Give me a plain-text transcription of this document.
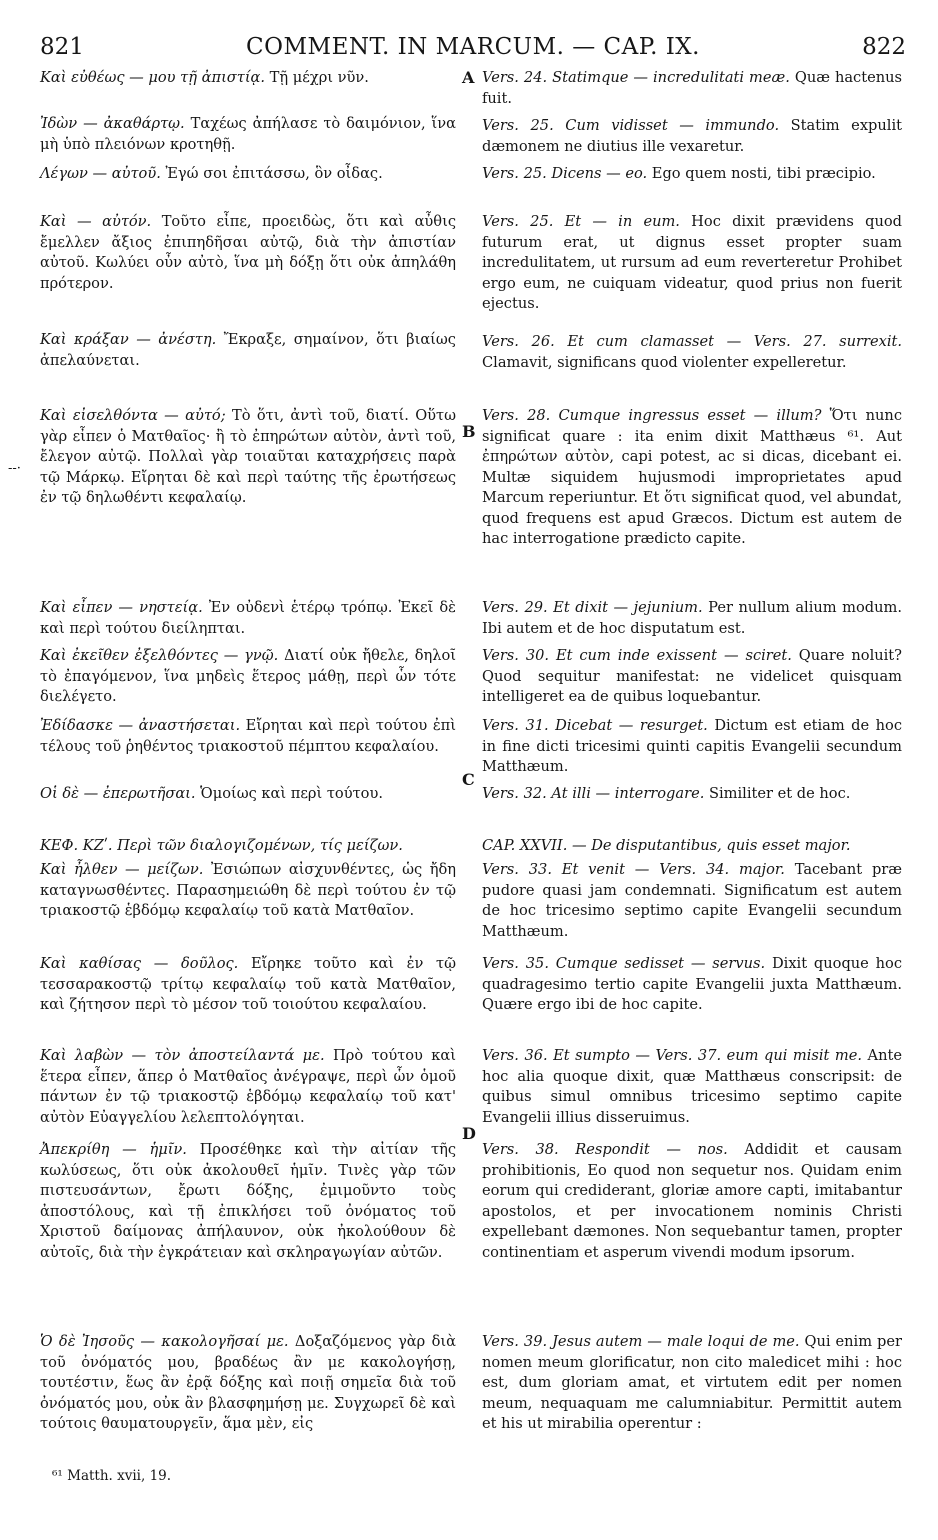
821	COMMENT. IN MARCUM. — CAP. IX.	822
--·

Καὶ εὐθέως — μου τῇ ἀπιστίᾳ. Τῇ μέχρι νῦν.

Ἰδὼν — ἀκαθάρτῳ. Ταχέως ἀπήλασε τὸ δαιμόνιον, ἵνα μὴ ὑπὸ πλειόνων κροτηθῇ.

Λέγων — αὐτοῦ. Ἐγώ σοι ἐπιτάσσω, ὃν οἶδας.

Καὶ — αὐτόν. Τοῦτο εἶπε, προειδὼς, ὅτι καὶ αὖθις ἔμελλεν ἄξιος ἐπιπηδῆσαι αὐτῷ, διὰ τὴν ἀπιστίαν αὐτοῦ. Κωλύει οὖν αὐτὸ, ἵνα μὴ δόξῃ ὅτι οὐκ ἀπηλάθη πρότερον.

Καὶ κράξαν — ἀνέστη. Ἔκραξε, σημαίνον, ὅτι βιαίως ἀπελαύνεται.

Καὶ εἰσελθόντα — αὐτό; Τὸ ὅτι, ἀντὶ τοῦ, διατί. Οὕτω γὰρ εἶπεν ὁ Ματθαῖος· ἢ τὸ ἐπηρώτων αὐτὸν, ἀντὶ τοῦ, ἔλεγον αὐτῷ. Πολλαὶ γὰρ τοιαῦται καταχρήσεις παρὰ τῷ Μάρκῳ. Εἴρηται δὲ καὶ περὶ ταύτης τῆς ἐρωτήσεως ἐν τῷ δηλωθέντι κεφαλαίῳ.

Καὶ εἶπεν — νηστείᾳ. Ἐν οὐδενὶ ἑτέρῳ τρόπῳ. Ἐκεῖ δὲ καὶ περὶ τούτου διείληπται.

Καὶ ἐκεῖθεν ἐξελθόντες — γνῷ. Διατί οὐκ ἤθελε, δηλοῖ τὸ ἐπαγόμενον, ἵνα μηδεὶς ἕτερος μάθῃ, περὶ ὧν τότε διελέγετο.

Ἐδίδασκε — ἀναστήσεται. Εἴρηται καὶ περὶ τούτου ἐπὶ τέλους τοῦ ῥηθέντος τριακοστοῦ πέμπτου κεφαλαίου.

Οἱ δὲ — ἐπερωτῆσαι. Ὁμοίως καὶ περὶ τούτου.

ΚΕΦ. ΚΖʹ. Περὶ τῶν διαλογιζομένων, τίς μείζων.

Καὶ ἦλθεν — μείζων. Ἐσιώπων αἰσχυνθέντες, ὡς ἤδη καταγνωσθέντες. Παρασημειώθη δὲ περὶ τούτου ἐν τῷ τριακοστῷ ἑβδόμῳ κεφαλαίῳ τοῦ κατὰ Ματθαῖον.

Καὶ καθίσας — δοῦλος. Εἴρηκε τοῦτο καὶ ἐν τῷ τεσσαρακοστῷ τρίτῳ κεφαλαίῳ τοῦ κατὰ Ματθαῖον, καὶ ζήτησον περὶ τὸ μέσον τοῦ τοιούτου κεφαλαίου.

Καὶ λαβὼν — τὸν ἀποστείλαντά με. Πρὸ τούτου καὶ ἕτερα εἶπεν, ἅπερ ὁ Ματθαῖος ἀνέγραψε, περὶ ὧν ὁμοῦ πάντων ἐν τῷ τριακοστῷ ἑβδόμῳ κεφαλαίῳ τοῦ κατ' αὐτὸν Εὐαγγελίου λελεπτολόγηται.

Ἀπεκρίθη — ἡμῖν. Προσέθηκε καὶ τὴν αἰτίαν τῆς κωλύσεως, ὅτι οὐκ ἀκολουθεῖ ἡμῖν. Τινὲς γὰρ τῶν πιστευσάντων, ἔρωτι δόξης, ἐμιμοῦντο τοὺς ἀποστόλους, καὶ τῇ ἐπικλήσει τοῦ ὀνόματος τοῦ Χριστοῦ δαίμονας ἀπήλαυνον, οὐκ ἠκολούθουν δὲ αὐτοῖς, διὰ τὴν ἐγκράτειαν καὶ σκληραγωγίαν αὐτῶν.

Ὁ δὲ Ἰησοῦς — κακολογῆσαί με. Δοξαζόμενος γὰρ διὰ τοῦ ὀνόματός μου, βραδέως ἂν με κακολογήσῃ, τουτέστιν, ἕως ἂν ἐρᾷ δόξης καὶ ποιῇ σημεῖα διὰ τοῦ ὀνόματός μου, οὐκ ἂν βλασφημήσῃ με. Συγχωρεῖ δὲ καὶ τούτοις θαυματουργεῖν, ἅμα μὲν, εἰς

A
B
C
D

Vers. 24. Statimque — incredulitati meæ. Quæ hactenus fuit.

Vers. 25. Cum vidisset — immundo. Statim expulit dæmonem ne diutius ille vexaretur.

Vers. 25. Dicens — eo. Ego quem nosti, tibi præcipio.

Vers. 25. Et — in eum. Hoc dixit prævidens quod futurum erat, ut dignus esset propter suam incredulitatem, ut rursum ad eum reverteretur Prohibet ergo eum, ne cuiquam videatur, quod prius non fuerit ejectus.

Vers. 26. Et cum clamasset — Vers. 27. surrexit. Clamavit, significans quod violenter expelleretur.

Vers. 28. Cumque ingressus esset — illum? Ὅτι nunc significat quare : ita enim dixit Matthæus ⁶¹. Aut ἐπηρώτων αὐτὸν, capi potest, ac si dicas, dicebant ei. Multæ siquidem hujusmodi improprietates apud Marcum reperiuntur. Et ὅτι significat quod, vel abundat, quod frequens est apud Græcos. Dictum est autem de hac interrogatione prædicto capite.

Vers. 29. Et dixit — jejunium. Per nullum alium modum. Ibi autem et de hoc disputatum est.

Vers. 30. Et cum inde exissent — sciret. Quare noluit? Quod sequitur manifestat: ne videlicet quisquam intelligeret ea de quibus loquebantur.

Vers. 31. Dicebat — resurget. Dictum est etiam de hoc in fine dicti tricesimi quinti capitis Evangelii secundum Matthæum.

Vers. 32. At illi — interrogare. Similiter et de hoc.

CAP. XXVII. — De disputantibus, quis esset major.

Vers. 33. Et venit — Vers. 34. major. Tacebant præ pudore quasi jam condemnati. Significatum est autem de hoc tricesimo septimo capite Evangelii secundum Matthæum.

Vers. 35. Cumque sedisset — servus. Dixit quoque hoc quadragesimo tertio capite Evangelii juxta Matthæum. Quære ergo ibi de hoc capite.

Vers. 36. Et sumpto — Vers. 37. eum qui misit me. Ante hoc alia quoque dixit, quæ Matthæus conscripsit: de quibus simul omnibus tricesimo septimo capite Evangelii illius disseruimus.

Vers. 38. Respondit — nos. Addidit et causam prohibitionis, Eo quod non sequetur nos. Quidam enim eorum qui crediderant, gloriæ amore capti, imitabantur apostolos, et per invocationem nominis Christi expellebant dæmones. Non sequebantur tamen, propter continentiam et asperum vivendi modum ipsorum.

Vers. 39. Jesus autem — male loqui de me. Qui enim per nomen meum glorificatur, non cito maledicet mihi : hoc est, dum gloriam amat, et virtutem edit per nomen meum, nequaquam me calumniabitur. Permittit autem et his ut mirabilia operentur :

⁶¹ Matth. xvii, 19.
